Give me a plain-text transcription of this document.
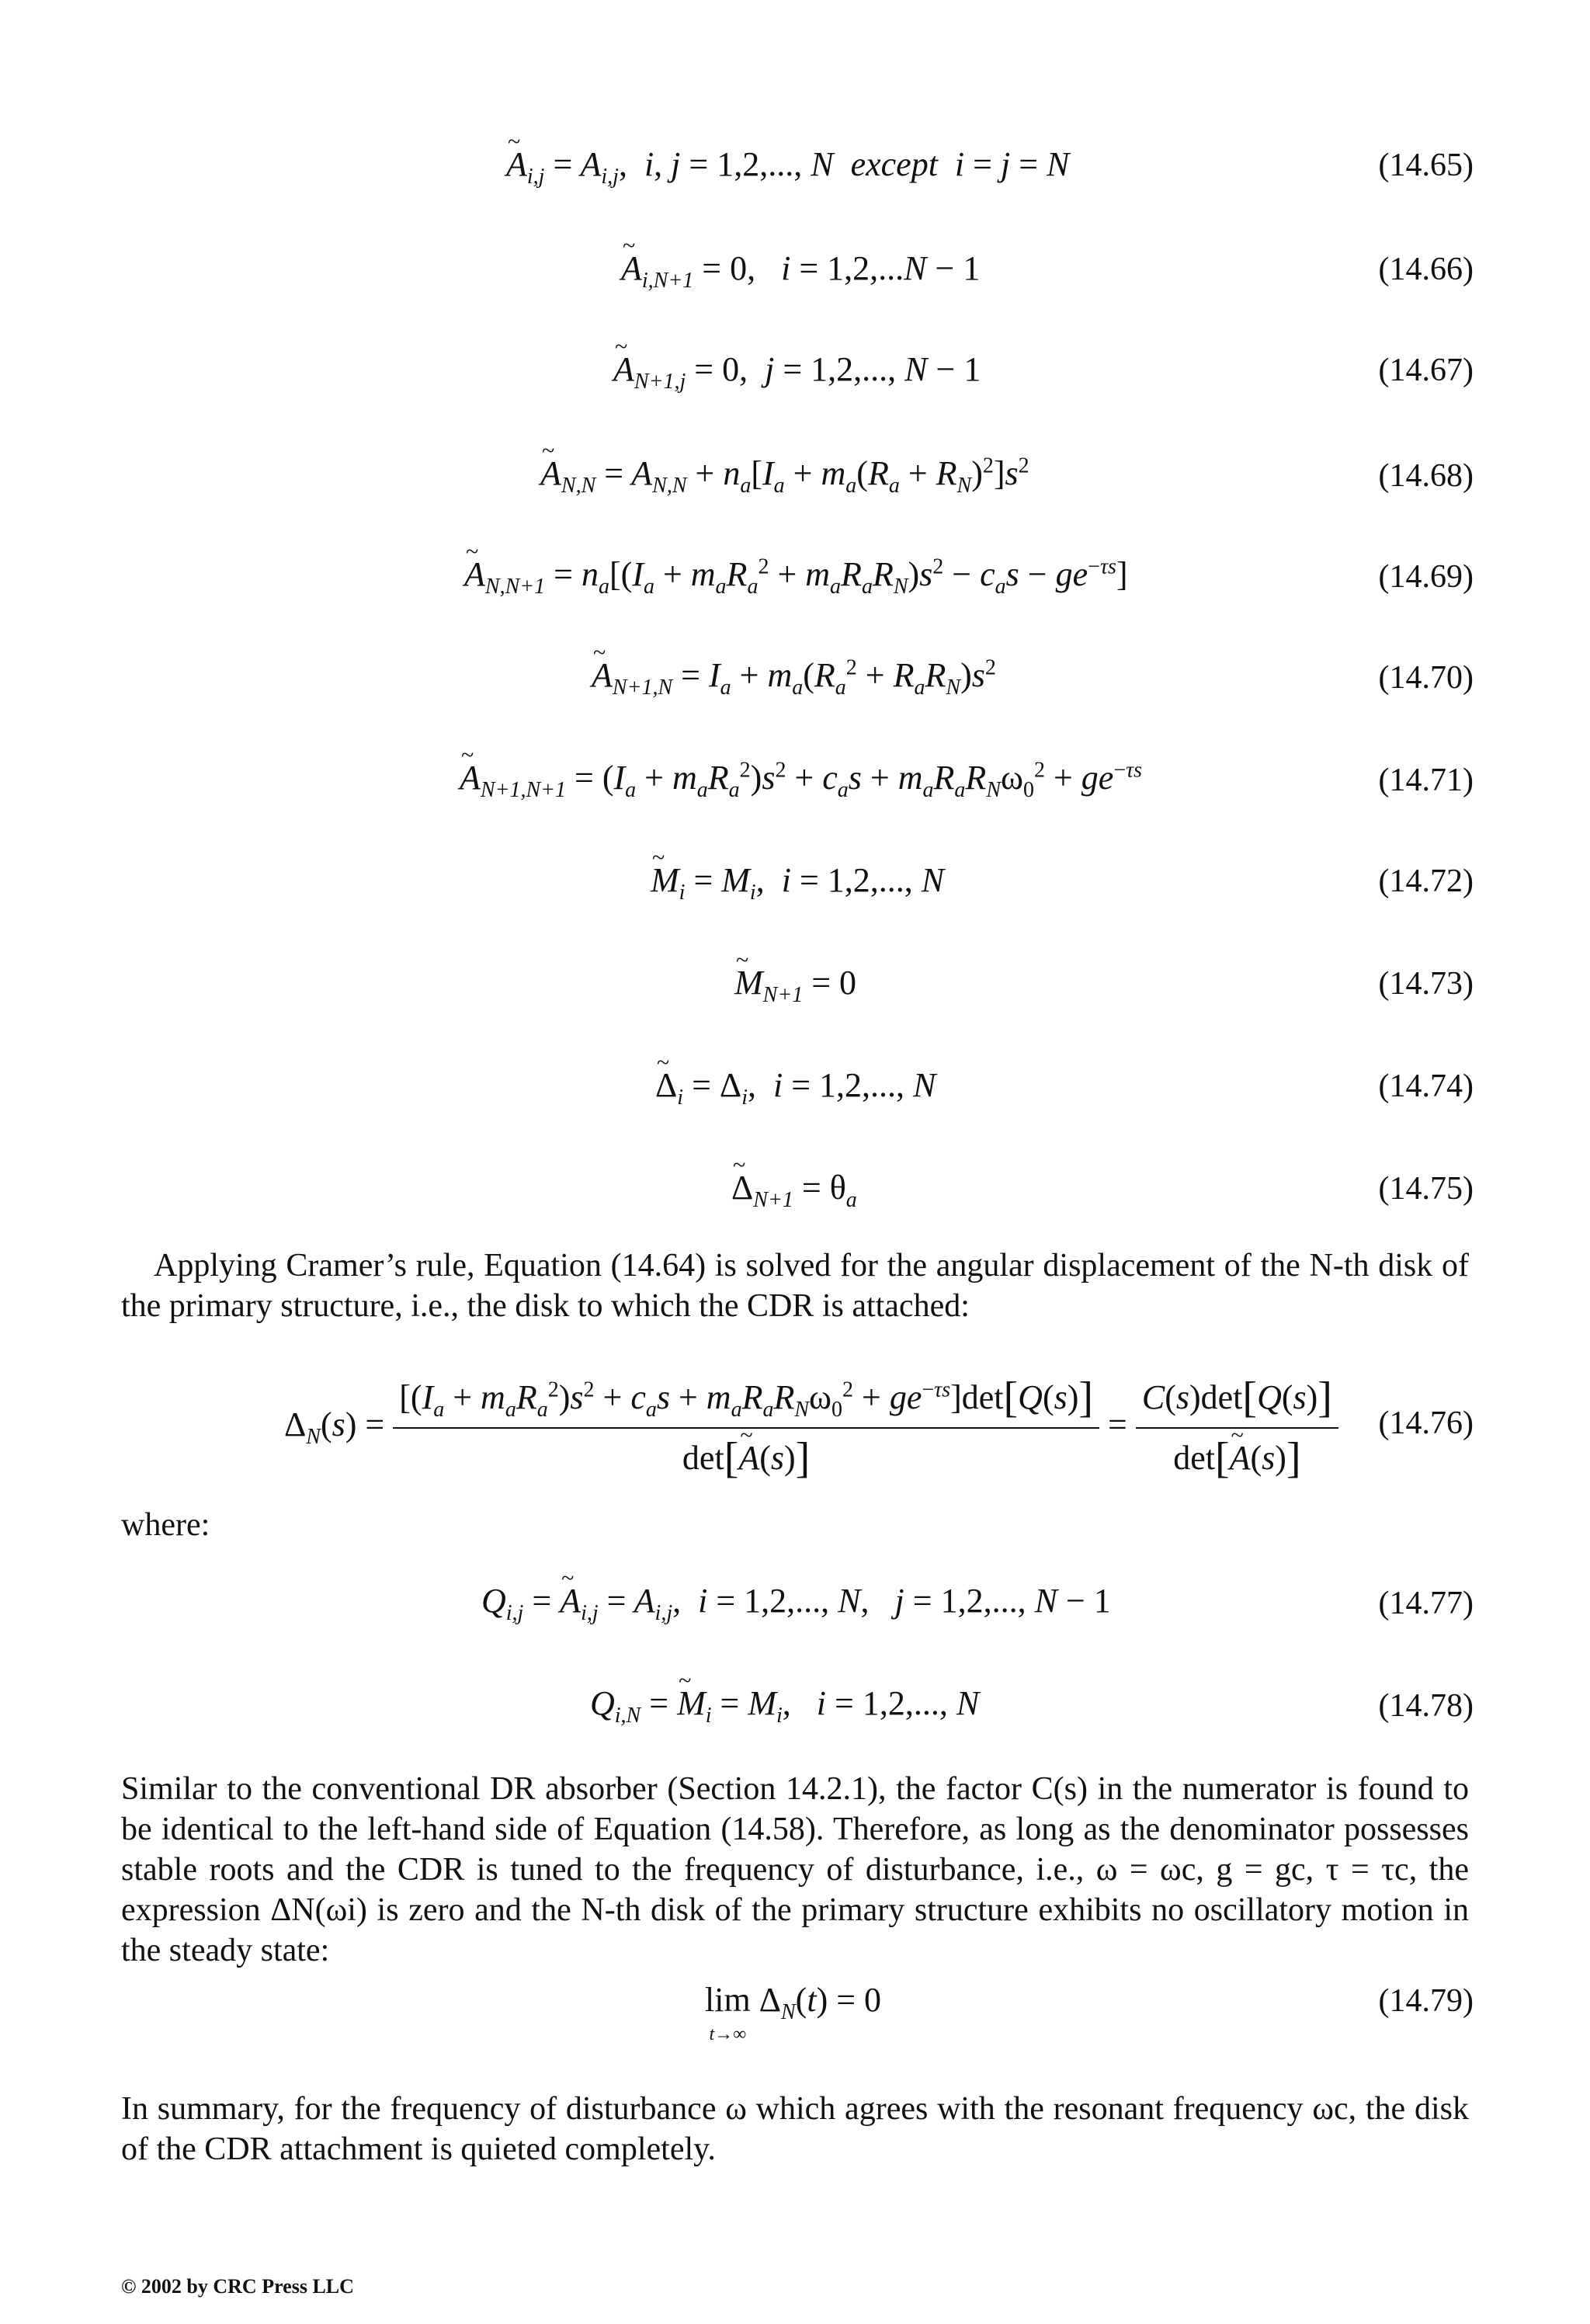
~ $A_{i,j} = A_{i,j}$,  i, j = 1,2,..., N  except  i = j = N	(14.65)
~ $A_{i,N+1} = 0$,   i = 1,2,...N − 1	(14.66)
~ $A_{N+1,j} = 0$,  j = 1,2,..., N − 1	(14.67)
~ $A_{N,N} = A_{N,N} + n_a[I_a + m_a(R_a + R_N)^2]s^2$	(14.68)
~ $A_{N,N+1} = n_a[(I_a + m_aR_a^2 + m_aR_aR_N)s^2 - c_as - ge^{-\tau s}]$	(14.69)
~ $A_{N+1,N} = I_a + m_a(R_a^2 + R_aR_N)s^2$	(14.70)
~ $A_{N+1,N+1} = (I_a + m_aR_a^2)s^2 + c_as + m_aR_aR_N\omega_0^2 + ge^{-\tau s}$	(14.71)
~ $M_i = M_i$,  i = 1,2,..., N	(14.72)
~ $M_{N+1} = 0$	(14.73)
~ $\Delta_i = \Delta_i$,  i = 1,2,..., N	(14.74)
~ $\Delta_{N+1} = \theta_a$	(14.75)
Applying Cramer’s rule, Equation (14.64) is solved for the angular displacement of the N-th disk of the primary structure, i.e., the disk to which the CDR is attached:
$\Delta_N(s) = \frac{[(I_a + m_aR_a^2)s^2 + c_as + m_aR_aR_N\omega_0^2 + ge^{-\tau s}]\det[Q(s)]}{\det[\sim A(s)]} = \frac{C(s)\det[Q(s)]}{\det[\sim A(s)]} (14.76)$
where:
$Q_{i,j}$ = ~ $A_{i,j} = A_{i,j}$,  i = 1,2,..., N,   j = 1,2,..., N − 1	(14.77)
$Q_{i,N}$ = ~ $M_i = M_i$,   i = 1,2,..., N	(14.78)
Similar to the conventional DR absorber (Section 14.2.1), the factor C(s) in the numerator is found to be identical to the left-hand side of Equation (14.58). Therefore, as long as the denominator possesses stable roots and the CDR is tuned to the frequency of disturbance, i.e., ω = ωc, g = gc, τ = τc, the expression ΔN(ωi) is zero and the N-th disk of the primary structure exhibits no oscillatory motion in the steady state:
lim
t→∞
$\Delta_N(t) = 0$	(14.79)
In summary, for the frequency of disturbance ω which agrees with the resonant frequency ωc, the disk of the CDR attachment is quieted completely.
© 2002 by CRC Press LLC
